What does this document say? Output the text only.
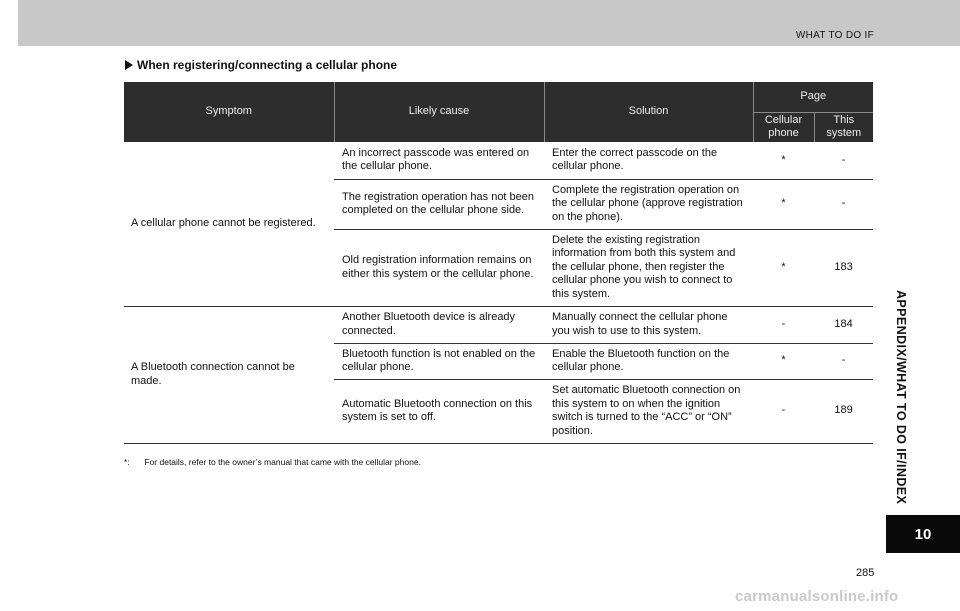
WHAT TO DO IF
APPENDIX/WHAT TO DO IF/INDEX
10
When registering/connecting a cellular phone
Symptom	Likely cause	Solution	Page	
			Cellular phone	This system
A cellular phone cannot be registered.	An incorrect passcode was entered on the cellular phone.	Enter the correct passcode on the cellular phone.	*	-
	The registration operation has not been completed on the cellular phone side.	Complete the registration operation on the cellular phone (approve registration on the phone).	*	-
	Old registration information remains on either this system or the cellular phone.	Delete the existing registration information from both this system and the cellular phone, then register the cellular phone you wish to connect to this system.	*	183
A Bluetooth connection cannot be made.	Another Bluetooth device is already connected.	Manually connect the cellular phone you wish to use to this system.	-	184
	Bluetooth function is not enabled on the cellular phone.	Enable the Bluetooth function on the cellular phone.	*	-
	Automatic Bluetooth connection on this system is set to off.	Set automatic Bluetooth connection on this system to on when the ignition switch is turned to the “ACC” or “ON” position.	-	189
*: For details, refer to the owner’s manual that came with the cellular phone.
285
carmanualsonline.info
